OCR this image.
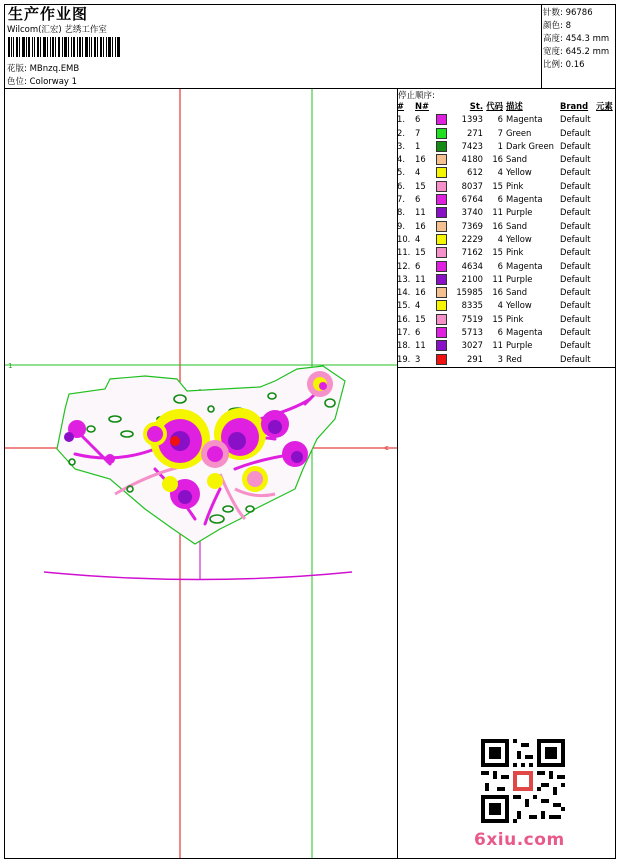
生产作业图
Wilcom(汇宏) 艺绣工作室
花版: MBnzq.EMB
色位: Colorway 1
针数: 96786
颜色: 8
高度: 454.3 mm
宽度: 645.2 mm
比例: 0.16
1
c
停止顺序:
#	N#		St.	代码	描述	Brand	元素
1.	6		1393	6	Magenta	Default	
2.	7		271	7	Green	Default	
3.	1		7423	1	Dark Green	Default	
4.	16		4180	16	Sand	Default	
5.	4		612	4	Yellow	Default	
6.	15		8037	15	Pink	Default	
7.	6		6764	6	Magenta	Default	
8.	11		3740	11	Purple	Default	
9.	16		7369	16	Sand	Default	
10.	4		2229	4	Yellow	Default	
11.	15		7162	15	Pink	Default	
12.	6		4634	6	Magenta	Default	
13.	11		2100	11	Purple	Default	
14.	16		15985	16	Sand	Default	
15.	4		8335	4	Yellow	Default	
16.	15		7519	15	Pink	Default	
17.	6		5713	6	Magenta	Default	
18.	11		3027	11	Purple	Default	
19.	3		291	3	Red	Default	
6xiu.com
